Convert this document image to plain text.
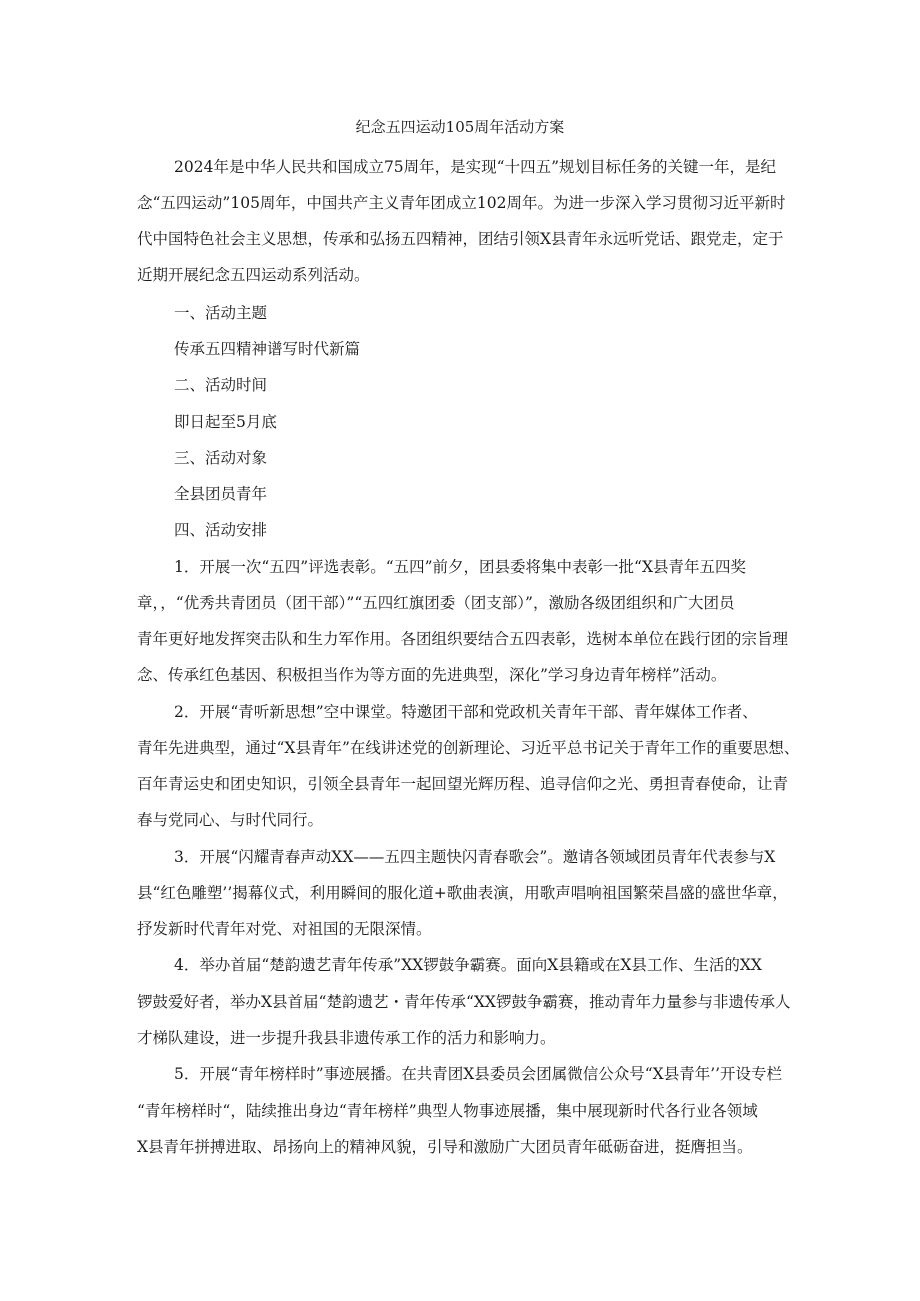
纪念五四运动105周年活动方案

2024年是中华人民共和国成立75周年，是实现“十四五”规划目标任务的关键一年，是纪

念“五四运动”105周年，中国共产主义青年团成立102周年。为进一步深入学习贯彻习近平新时

代中国特色社会主义思想，传承和弘扬五四精神，团结引领X县青年永远听党话、跟党走，定于

近期开展纪念五四运动系列活动。

一、活动主题

传承五四精神谱写时代新篇

二、活动时间

即日起至5月底

三、活动对象

全县团员青年

四、活动安排

1．开展一次“五四”评选表彰。“五四”前夕，团县委将集中表彰一批“X县青年五四奖

章，，“优秀共青团员（团干部）”“五四红旗团委（团支部）”，激励各级团组织和广大团员

青年更好地发挥突击队和生力军作用。各团组织要结合五四表彰，选树本单位在践行团的宗旨理

念、传承红色基因、积极担当作为等方面的先进典型，深化”学习身边青年榜样”活动。

2．开展“青听新思想”空中课堂。特邀团干部和党政机关青年干部、青年媒体工作者、

青年先进典型，通过“X县青年”在线讲述党的创新理论、习近平总书记关于青年工作的重要思想、

百年青运史和团史知识，引领全县青年一起回望光辉历程、追寻信仰之光、勇担青春使命，让青

春与党同心、与时代同行。

3．开展“闪耀青春声动XX——五四主题快闪青春歌会”。邀请各领域团员青年代表参与X

县“红色雕塑’’揭幕仪式，利用瞬间的服化道+歌曲表演，用歌声唱响祖国繁荣昌盛的盛世华章，

抒发新时代青年对党、对祖国的无限深情。

4．举办首届“楚韵遗艺青年传承”XX锣鼓争霸赛。面向X县籍或在X县工作、生活的XX

锣鼓爱好者，举办X县首届“楚韵遗艺・青年传承“XX锣鼓争霸赛，推动青年力量参与非遗传承人

才梯队建设，进一步提升我县非遗传承工作的活力和影响力。

5．开展“青年榜样时”事迹展播。在共青团X县委员会团属微信公众号“X县青年’’开设专栏

“青年榜样时“，陆续推出身边“青年榜样”典型人物事迹展播，集中展现新时代各行业各领域

X县青年拼搏进取、昂扬向上的精神风貌，引导和激励广大团员青年砥砺奋进，挺膺担当。
